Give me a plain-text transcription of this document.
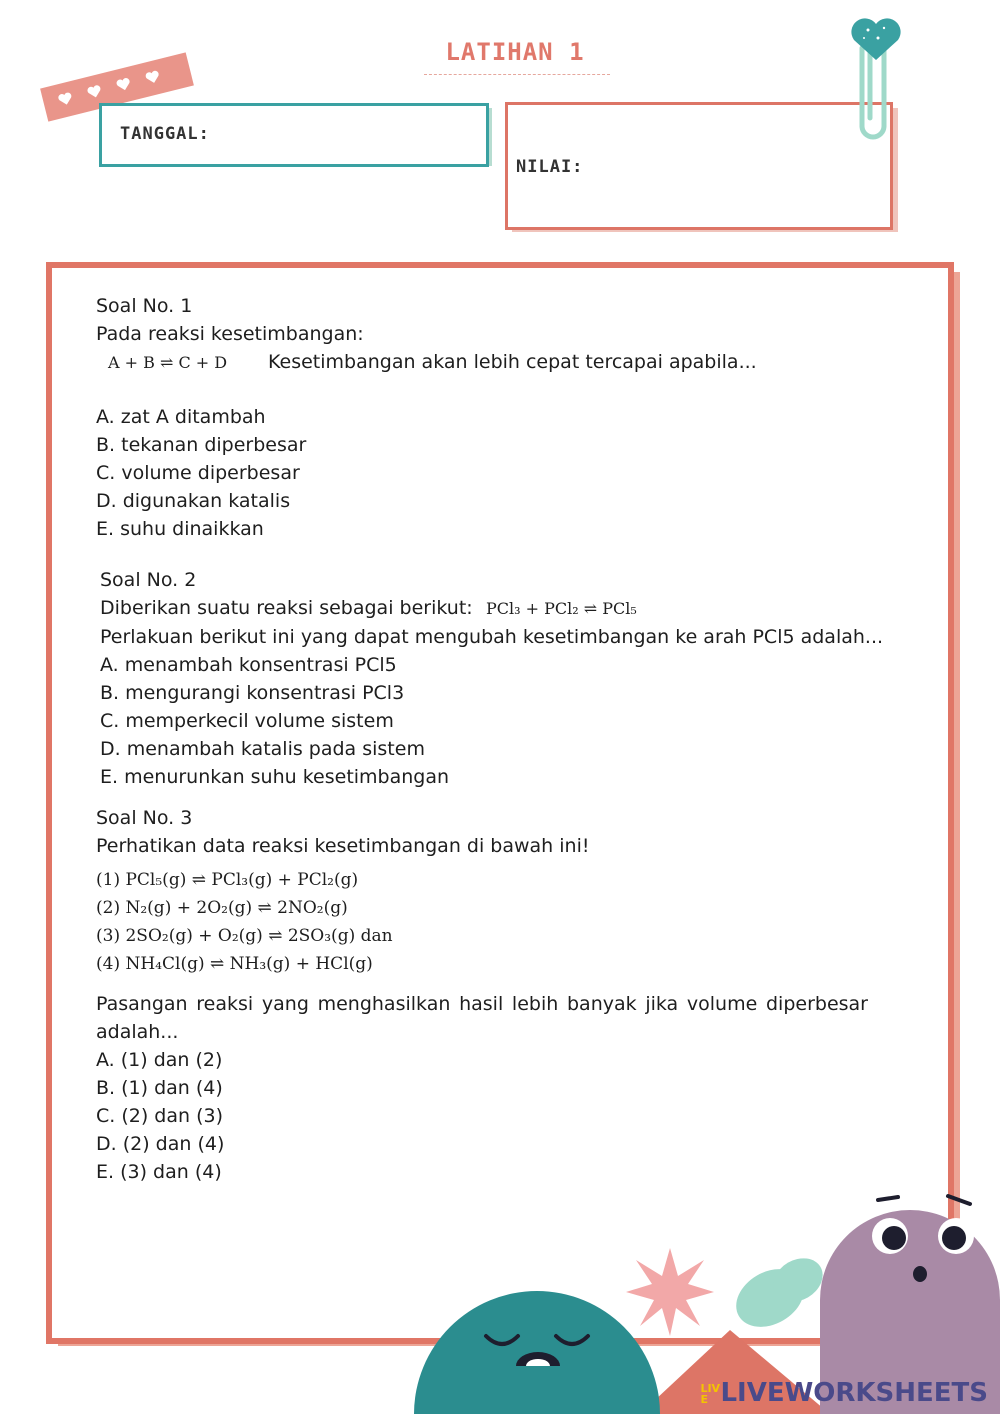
LATIHAN 1
TANGGAL:
NILAI:
Soal No. 1
Pada reaksi kesetimbangan:
A + B ⇌ C + D Kesetimbangan akan lebih cepat tercapai apabila...
A. zat A ditambah
B. tekanan diperbesar
C. volume diperbesar
D. digunakan katalis
E. suhu dinaikkan
Soal No. 2
Diberikan suatu reaksi sebagai berikut: PCl₃ + PCl₂ ⇌ PCl₅
Perlakuan berikut ini yang dapat mengubah kesetimbangan ke arah PCl5 adalah...
A. menambah konsentrasi PCl5
B. mengurangi konsentrasi PCl3
C. memperkecil volume sistem
D. menambah katalis pada sistem
E. menurunkan suhu kesetimbangan
Soal No. 3
Perhatikan data reaksi kesetimbangan di bawah ini!
(1) PCl₅(g) ⇌ PCl₃(g) + PCl₂(g)
(2) N₂(g) + 2O₂(g) ⇌ 2NO₂(g)
(3) 2SO₂(g) + O₂(g) ⇌ 2SO₃(g) dan
(4) NH₄Cl(g) ⇌ NH₃(g) + HCl(g)
Pasangan reaksi yang menghasilkan hasil lebih banyak jika volume diperbesar
adalah...
A. (1) dan (2)
B. (1) dan (4)
C. (2) dan (3)
D. (2) dan (4)
E. (3) dan (4)
LIVE LIVEWORKSHEETS
